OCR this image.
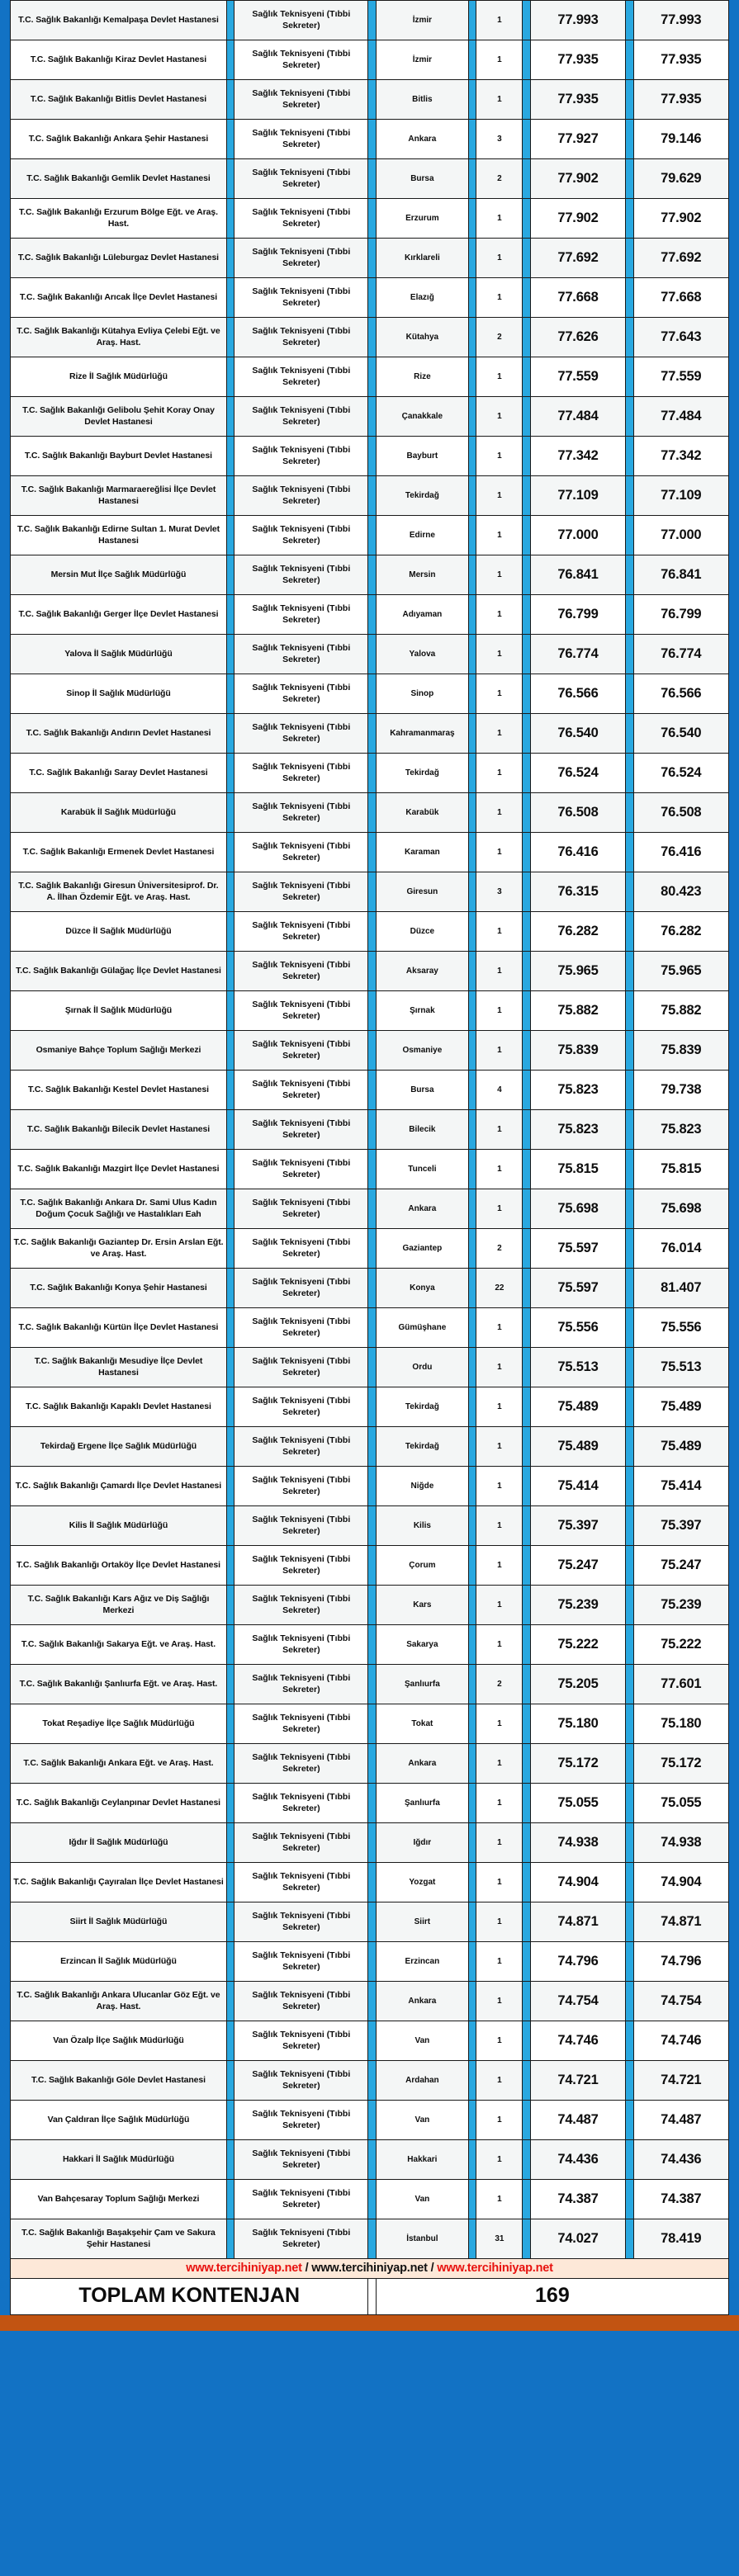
T.C. Sağlık Bakanlığı Kemalpaşa Devlet Hastanesi		Sağlık Teknisyeni (Tıbbi Sekreter)		İzmir		1		77.993		77.993
T.C. Sağlık Bakanlığı Kiraz Devlet Hastanesi		Sağlık Teknisyeni (Tıbbi Sekreter)		İzmir		1		77.935		77.935
T.C. Sağlık Bakanlığı Bitlis Devlet Hastanesi		Sağlık Teknisyeni (Tıbbi Sekreter)		Bitlis		1		77.935		77.935
T.C. Sağlık Bakanlığı Ankara Şehir Hastanesi		Sağlık Teknisyeni (Tıbbi Sekreter)		Ankara		3		77.927		79.146
T.C. Sağlık Bakanlığı Gemlik Devlet Hastanesi		Sağlık Teknisyeni (Tıbbi Sekreter)		Bursa		2		77.902		79.629
T.C. Sağlık Bakanlığı Erzurum Bölge Eğt. ve Araş. Hast.		Sağlık Teknisyeni (Tıbbi Sekreter)		Erzurum		1		77.902		77.902
T.C. Sağlık Bakanlığı Lüleburgaz Devlet Hastanesi		Sağlık Teknisyeni (Tıbbi Sekreter)		Kırklareli		1		77.692		77.692
T.C. Sağlık Bakanlığı Arıcak İlçe Devlet Hastanesi		Sağlık Teknisyeni (Tıbbi Sekreter)		Elazığ		1		77.668		77.668
T.C. Sağlık Bakanlığı Kütahya Evliya Çelebi Eğt. ve Araş. Hast.		Sağlık Teknisyeni (Tıbbi Sekreter)		Kütahya		2		77.626		77.643
Rize İl Sağlık Müdürlüğü		Sağlık Teknisyeni (Tıbbi Sekreter)		Rize		1		77.559		77.559
T.C. Sağlık Bakanlığı Gelibolu Şehit Koray Onay Devlet Hastanesi		Sağlık Teknisyeni (Tıbbi Sekreter)		Çanakkale		1		77.484		77.484
T.C. Sağlık Bakanlığı Bayburt Devlet Hastanesi		Sağlık Teknisyeni (Tıbbi Sekreter)		Bayburt		1		77.342		77.342
T.C. Sağlık Bakanlığı Marmaraereğlisi İlçe Devlet Hastanesi		Sağlık Teknisyeni (Tıbbi Sekreter)		Tekirdağ		1		77.109		77.109
T.C. Sağlık Bakanlığı Edirne Sultan 1. Murat Devlet Hastanesi		Sağlık Teknisyeni (Tıbbi Sekreter)		Edirne		1		77.000		77.000
Mersin Mut İlçe Sağlık Müdürlüğü		Sağlık Teknisyeni (Tıbbi Sekreter)		Mersin		1		76.841		76.841
T.C. Sağlık Bakanlığı Gerger İlçe Devlet Hastanesi		Sağlık Teknisyeni (Tıbbi Sekreter)		Adıyaman		1		76.799		76.799
Yalova İl Sağlık Müdürlüğü		Sağlık Teknisyeni (Tıbbi Sekreter)		Yalova		1		76.774		76.774
Sinop İl Sağlık Müdürlüğü		Sağlık Teknisyeni (Tıbbi Sekreter)		Sinop		1		76.566		76.566
T.C. Sağlık Bakanlığı Andırın Devlet Hastanesi		Sağlık Teknisyeni (Tıbbi Sekreter)		Kahramanmaraş		1		76.540		76.540
T.C. Sağlık Bakanlığı Saray Devlet Hastanesi		Sağlık Teknisyeni (Tıbbi Sekreter)		Tekirdağ		1		76.524		76.524
Karabük İl Sağlık Müdürlüğü		Sağlık Teknisyeni (Tıbbi Sekreter)		Karabük		1		76.508		76.508
T.C. Sağlık Bakanlığı Ermenek Devlet Hastanesi		Sağlık Teknisyeni (Tıbbi Sekreter)		Karaman		1		76.416		76.416
T.C. Sağlık Bakanlığı Giresun Üniversitesiprof. Dr. A. İlhan Özdemir Eğt. ve Araş. Hast.		Sağlık Teknisyeni (Tıbbi Sekreter)		Giresun		3		76.315		80.423
Düzce İl Sağlık Müdürlüğü		Sağlık Teknisyeni (Tıbbi Sekreter)		Düzce		1		76.282		76.282
T.C. Sağlık Bakanlığı Gülağaç İlçe Devlet Hastanesi		Sağlık Teknisyeni (Tıbbi Sekreter)		Aksaray		1		75.965		75.965
Şırnak İl Sağlık Müdürlüğü		Sağlık Teknisyeni (Tıbbi Sekreter)		Şırnak		1		75.882		75.882
Osmaniye Bahçe Toplum Sağlığı Merkezi		Sağlık Teknisyeni (Tıbbi Sekreter)		Osmaniye		1		75.839		75.839
T.C. Sağlık Bakanlığı Kestel Devlet Hastanesi		Sağlık Teknisyeni (Tıbbi Sekreter)		Bursa		4		75.823		79.738
T.C. Sağlık Bakanlığı Bilecik Devlet Hastanesi		Sağlık Teknisyeni (Tıbbi Sekreter)		Bilecik		1		75.823		75.823
T.C. Sağlık Bakanlığı Mazgirt İlçe Devlet Hastanesi		Sağlık Teknisyeni (Tıbbi Sekreter)		Tunceli		1		75.815		75.815
T.C. Sağlık Bakanlığı Ankara Dr. Sami Ulus Kadın Doğum Çocuk Sağlığı ve Hastalıkları Eah		Sağlık Teknisyeni (Tıbbi Sekreter)		Ankara		1		75.698		75.698
T.C. Sağlık Bakanlığı Gaziantep Dr. Ersin Arslan Eğt. ve Araş. Hast.		Sağlık Teknisyeni (Tıbbi Sekreter)		Gaziantep		2		75.597		76.014
T.C. Sağlık Bakanlığı Konya Şehir Hastanesi		Sağlık Teknisyeni (Tıbbi Sekreter)		Konya		22		75.597		81.407
T.C. Sağlık Bakanlığı Kürtün İlçe Devlet Hastanesi		Sağlık Teknisyeni (Tıbbi Sekreter)		Gümüşhane		1		75.556		75.556
T.C. Sağlık Bakanlığı Mesudiye İlçe Devlet Hastanesi		Sağlık Teknisyeni (Tıbbi Sekreter)		Ordu		1		75.513		75.513
T.C. Sağlık Bakanlığı Kapaklı Devlet Hastanesi		Sağlık Teknisyeni (Tıbbi Sekreter)		Tekirdağ		1		75.489		75.489
Tekirdağ Ergene İlçe Sağlık Müdürlüğü		Sağlık Teknisyeni (Tıbbi Sekreter)		Tekirdağ		1		75.489		75.489
T.C. Sağlık Bakanlığı Çamardı İlçe Devlet Hastanesi		Sağlık Teknisyeni (Tıbbi Sekreter)		Niğde		1		75.414		75.414
Kilis İl Sağlık Müdürlüğü		Sağlık Teknisyeni (Tıbbi Sekreter)		Kilis		1		75.397		75.397
T.C. Sağlık Bakanlığı Ortaköy İlçe Devlet Hastanesi		Sağlık Teknisyeni (Tıbbi Sekreter)		Çorum		1		75.247		75.247
T.C. Sağlık Bakanlığı Kars Ağız ve Diş Sağlığı Merkezi		Sağlık Teknisyeni (Tıbbi Sekreter)		Kars		1		75.239		75.239
T.C. Sağlık Bakanlığı Sakarya Eğt. ve Araş. Hast.		Sağlık Teknisyeni (Tıbbi Sekreter)		Sakarya		1		75.222		75.222
T.C. Sağlık Bakanlığı Şanlıurfa Eğt. ve Araş. Hast.		Sağlık Teknisyeni (Tıbbi Sekreter)		Şanlıurfa		2		75.205		77.601
Tokat Reşadiye İlçe Sağlık Müdürlüğü		Sağlık Teknisyeni (Tıbbi Sekreter)		Tokat		1		75.180		75.180
T.C. Sağlık Bakanlığı Ankara Eğt. ve Araş. Hast.		Sağlık Teknisyeni (Tıbbi Sekreter)		Ankara		1		75.172		75.172
T.C. Sağlık Bakanlığı Ceylanpınar Devlet Hastanesi		Sağlık Teknisyeni (Tıbbi Sekreter)		Şanlıurfa		1		75.055		75.055
Iğdır İl Sağlık Müdürlüğü		Sağlık Teknisyeni (Tıbbi Sekreter)		Iğdır		1		74.938		74.938
T.C. Sağlık Bakanlığı Çayıralan İlçe Devlet Hastanesi		Sağlık Teknisyeni (Tıbbi Sekreter)		Yozgat		1		74.904		74.904
Siirt İl Sağlık Müdürlüğü		Sağlık Teknisyeni (Tıbbi Sekreter)		Siirt		1		74.871		74.871
Erzincan İl Sağlık Müdürlüğü		Sağlık Teknisyeni (Tıbbi Sekreter)		Erzincan		1		74.796		74.796
T.C. Sağlık Bakanlığı Ankara Ulucanlar Göz Eğt. ve Araş. Hast.		Sağlık Teknisyeni (Tıbbi Sekreter)		Ankara		1		74.754		74.754
Van Özalp İlçe Sağlık Müdürlüğü		Sağlık Teknisyeni (Tıbbi Sekreter)		Van		1		74.746		74.746
T.C. Sağlık Bakanlığı Göle Devlet Hastanesi		Sağlık Teknisyeni (Tıbbi Sekreter)		Ardahan		1		74.721		74.721
Van Çaldıran İlçe Sağlık Müdürlüğü		Sağlık Teknisyeni (Tıbbi Sekreter)		Van		1		74.487		74.487
Hakkari İl Sağlık Müdürlüğü		Sağlık Teknisyeni (Tıbbi Sekreter)		Hakkari		1		74.436		74.436
Van Bahçesaray Toplum Sağlığı Merkezi		Sağlık Teknisyeni (Tıbbi Sekreter)		Van		1		74.387		74.387
T.C. Sağlık Bakanlığı Başakşehir Çam ve Sakura Şehir Hastanesi		Sağlık Teknisyeni (Tıbbi Sekreter)		İstanbul		31		74.027		78.419
www.tercihiniyap.net / www.tercihiniyap.net / www.tercihiniyap.net										
TOPLAM KONTENJAN				169						
